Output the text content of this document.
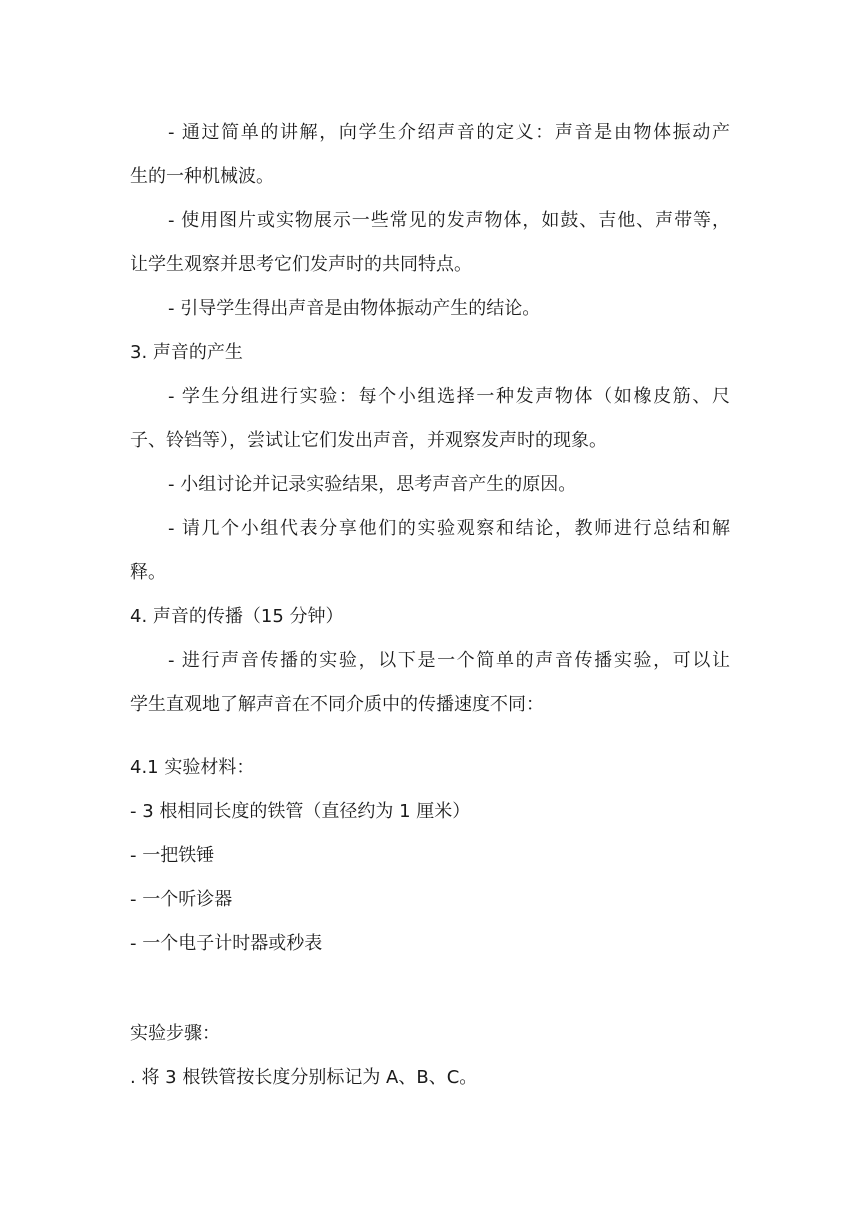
- 通过简单的讲解，向学生介绍声音的定义：声音是由物体振动产
生的一种机械波。
- 使用图片或实物展示一些常见的发声物体，如鼓、吉他、声带等，
让学生观察并思考它们发声时的共同特点。
- 引导学生得出声音是由物体振动产生的结论。
3. 声音的产生
- 学生分组进行实验：每个小组选择一种发声物体（如橡皮筋、尺
子、铃铛等），尝试让它们发出声音，并观察发声时的现象。
- 小组讨论并记录实验结果，思考声音产生的原因。
- 请几个小组代表分享他们的实验观察和结论，教师进行总结和解
释。
4. 声音的传播（15 分钟）
- 进行声音传播的实验，以下是一个简单的声音传播实验，可以让
学生直观地了解声音在不同介质中的传播速度不同：
4.1 实验材料：
- 3 根相同长度的铁管（直径约为 1 厘米）
- 一把铁锤
- 一个听诊器
- 一个电子计时器或秒表
实验步骤：
. 将 3 根铁管按长度分别标记为 A、B、C。
